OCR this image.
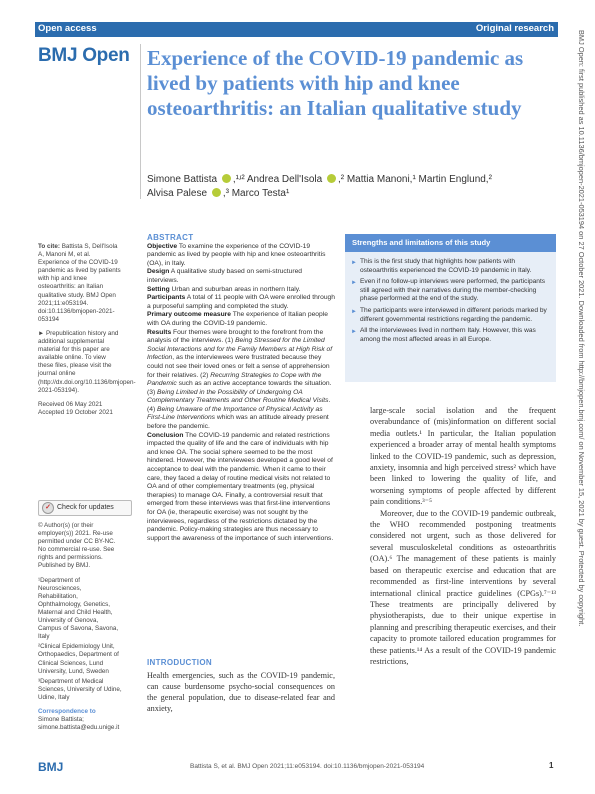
Open access	Original research
BMJ Open Experience of the COVID-19 pandemic as lived by patients with hip and knee osteoarthritis: an Italian qualitative study
Simone Battista ,¹ʴ² Andrea Dell'Isola ,² Mattia Manoni,¹ Martin Englund,²
Alvisa Palese ,³ Marco Testa¹

To cite: Battista S, Dell'Isola A, Manoni M, et al. Experience of the COVID-19 pandemic as lived by patients with hip and knee osteoarthritis: an Italian qualitative study. BMJ Open 2021;11:e053194. doi:10.1136/bmjopen-2021-053194

► Prepublication history and additional supplemental material for this paper are available online. To view these files, please visit the journal online (http://dx.doi.org/10.1136/bmjopen-2021-053194).

Received 06 May 2021

Accepted 19 October 2021

✓ Check for updates

© Author(s) (or their employer(s)) 2021. Re-use permitted under CC BY-NC. No commercial re-use. See rights and permissions. Published by BMJ.

¹Department of Neurosciences, Rehabilitation, Ophthalmology, Genetics, Maternal and Child Health, University of Genova, Campus of Savona, Savona, Italy

²Clinical Epidemiology Unit, Orthopaedics, Department of Clinical Sciences, Lund University, Lund, Sweden

³Department of Medical Sciences, University of Udine, Udine, Italy

Correspondence to

Simone Battista;

simone.battista@edu.unige.it

ABSTRACT

Objective To examine the experience of the COVID-19 pandemic as lived by people with hip and knee osteoarthritis (OA), in Italy.

Design A qualitative study based on semi-structured interviews.

Setting Urban and suburban areas in northern Italy.

Participants A total of 11 people with OA were enrolled through a purposeful sampling and completed the study.

Primary outcome measure The experience of Italian people with OA during the COVID-19 pandemic.

Results Four themes were brought to the forefront from the analysis of the interviews. (1) Being Stressed for the Limited Social Interactions and for the Family Members at High Risk of Infection, as the interviewees were frustrated because they could not see their loved ones or felt a sense of apprehension for their relatives. (2) Recurring Strategies to Cope with the Pandemic such as an active acceptance towards the situation. (3) Being Limited in the Possibility of Undergoing OA Complementary Treatments and Other Routine Medical Visits. (4) Being Unaware of the Importance of Physical Activity as First-Line Interventions which was an attitude already present before the pandemic.

Conclusion The COVID-19 pandemic and related restrictions impacted the quality of life and the care of individuals with hip and knee OA. The social sphere seemed to be the most hindered. However, the interviewees developed a good level of acceptance to deal with the pandemic. When it came to their care, they faced a delay of routine medical visits not related to OA and of other complementary treatments (eg, physical therapies) to manage OA. Finally, a controversial result that emerged from these interviews was that first-line interventions for OA (ie, therapeutic exercise) was not sought by the interviewees, regardless of the restrictions dictated by the pandemic. Policy-making strategies are thus necessary to support the awareness of the importance of such interventions.

INTRODUCTION
Health emergencies, such as the COVID-19 pandemic, can cause burdensome psycho-social consequences on the general population, due to disease-related fear and anxiety,
► This is the first study that highlights how patients with osteoarthritis experienced the COVID-19 pandemic in Italy.
► Even if no follow-up interviews were performed, the participants still agreed with their narratives during the member-checking phase performed at the end of the study.
► The participants were interviewed in different periods marked by different governmental restrictions regarding the pandemic.
► All the interviewees lived in northern Italy. However, this was among the most affected areas in all Europe.
Strengths and limitations of this study

large-scale social isolation and the frequent overabundance of (mis)information on different social media outlets.¹ In particular, the Italian population experienced a broader array of mental health symptoms linked to the COVID-19 pandemic, such as depression, anxiety, insomnia and high perceived stress² which have been linked to lowering the quality of life, and worsening symptoms of people affected by different pain conditions.³⁻⁵

Moreover, due to the COVID-19 pandemic outbreak, the WHO recommended postponing treatments considered not urgent, such as those delivered for several musculoskeletal conditions as osteoarthritis (OA).⁶ The management of these patients is mainly based on therapeutic exercise and education that are recommended as first-line interventions by several international clinical practice guidelines (CPGs).⁷⁻¹³ These treatments are principally delivered by physiotherapists, due to their unique expertise in planning and prescribing therapeutic exercises, and their capacity to promote tailored education programmes for these patients.¹⁴ As a result of the COVID-19 pandemic restrictions,

BMJ	Battista S, et al. BMJ Open 2021;11:e053194. doi:10.1136/bmjopen-2021-053194	1
BMJ Open: first published as 10.1136/bmjopen-2021-053194 on 27 October 2021. Downloaded from http://bmjopen.bmj.com/ on November 15, 2021 by guest. Protected by copyright.
